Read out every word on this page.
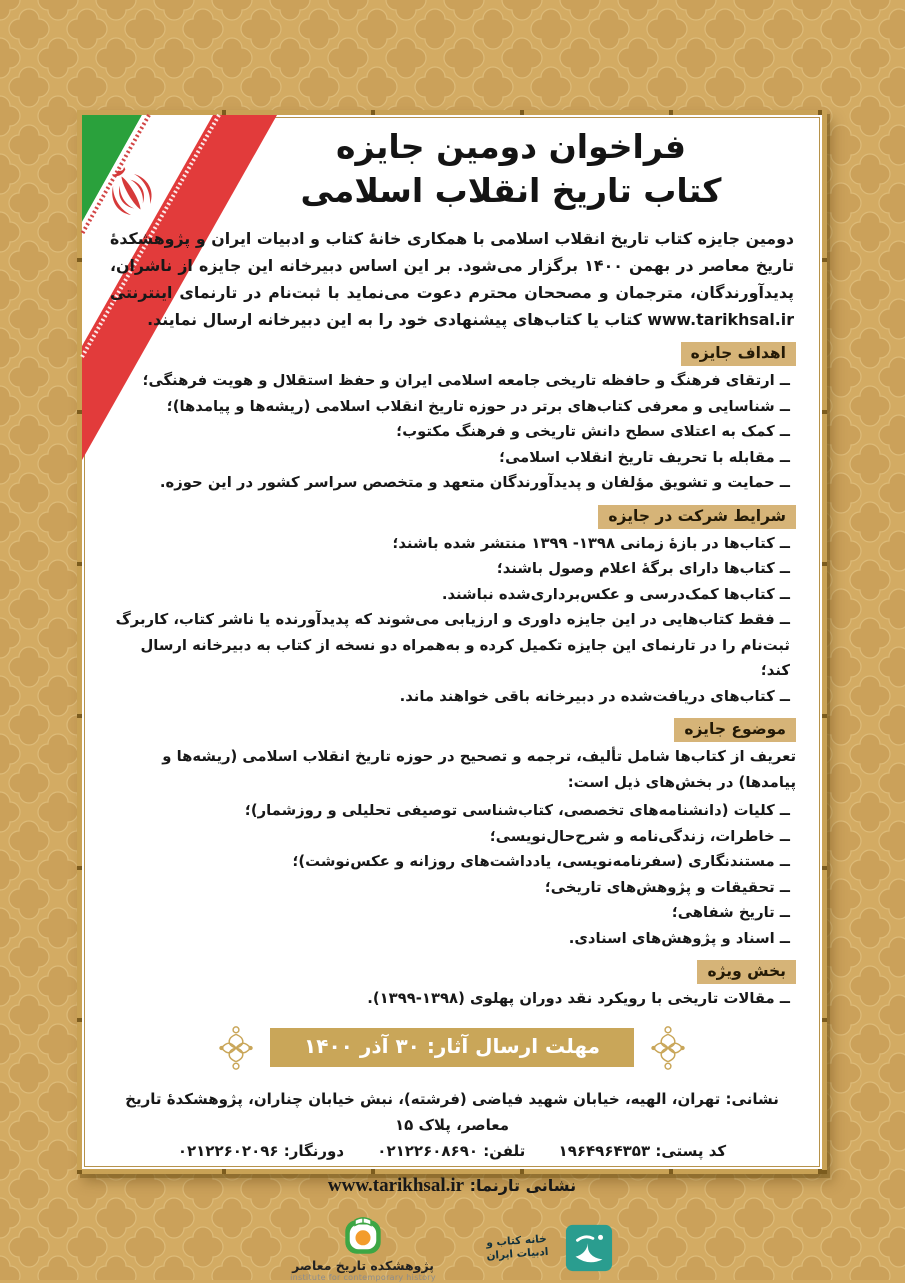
فراخوان دومین جایزه
کتاب تاریخ انقلاب اسلامی

دومین جایزه کتاب تاریخ انقلاب اسلامی با همکاری خانهٔ کتاب و ادبیات ایران و پژوهشکدهٔ تاریخ معاصر در بهمن ۱۴۰۰ برگزار می‌شود. بر این اساس دبیرخانه این جایزه از ناشران، پدیدآورندگان، مترجمان و مصححان محترم دعوت می‌نماید با ثبت‌نام در تارنمای اینترنتی www.tarikhsal.ir کتاب یا کتاب‌های پیشنهادی خود را به این دبیرخانه ارسال نمایند.

اهداف جایزه
ــ ارتقای فرهنگ و حافظه تاریخی جامعه اسلامی ایران و حفظ استقلال و هویت فرهنگی؛
ــ شناسایی و معرفی کتاب‌های برتر در حوزه تاریخ انقلاب اسلامی (ریشه‌ها و پیامدها)؛
ــ کمک به اعتلای سطح دانش تاریخی و فرهنگ مکتوب؛
ــ مقابله با تحریف تاریخ انقلاب اسلامی؛
ــ حمایت و تشویق مؤلفان و پدیدآورندگان متعهد و متخصص سراسر کشور در این حوزه.
شرایط شرکت در جایزه
ــ کتاب‌ها در بازهٔ زمانی ۱۳۹۸- ۱۳۹۹ منتشر شده باشند؛
ــ کتاب‌ها دارای برگهٔ اعلام وصول باشند؛
ــ کتاب‌ها کمک‌درسی و عکس‌برداری‌شده نباشند.
ــ فقط کتاب‌هایی در این جایزه داوری و ارزیابی می‌شوند که پدیدآورنده یا ناشر کتاب، کاربرگ ثبت‌نام را در تارنمای این جایزه تکمیل کرده و به‌همراه دو نسخه از کتاب به دبیرخانه ارسال کند؛
ــ کتاب‌های دریافت‌شده در دبیرخانه باقی خواهند ماند.
موضوع جایزه

تعریف از کتاب‌ها شامل تألیف، ترجمه و تصحیح در حوزه تاریخ انقلاب اسلامی (ریشه‌ها و پیامدها) در بخش‌های ذیل است:

ــ کلیات (دانشنامه‌های تخصصی، کتاب‌شناسی توصیفی تحلیلی و روزشمار)؛
ــ خاطرات، زندگی‌نامه و شرح‌حال‌نویسی؛
ــ مستندنگاری (سفرنامه‌نویسی، یادداشت‌های روزانه و عکس‌نوشت)؛
ــ تحقیقات و پژوهش‌های تاریخی؛
ــ تاریخ شفاهی؛
ــ اسناد و پژوهش‌های اسنادی.
بخش ویژه
ــ مقالات تاریخی با رویکرد نقد دوران پهلوی (۱۳۹۸-۱۳۹۹).
مهلت ارسال آثار: ۳۰ آذر ۱۴۰۰

نشانی: تهران، الهیه، خیابان شهید فیاضی (فرشته)، نبش خیابان چناران، پژوهشکدهٔ تاریخ معاصر، پلاک ۱۵

کد پستی: ۱۹۶۴۹۶۴۳۵۳ تلفن: ۰۲۱۲۲۶۰۸۶۹۰ دورنگار: ۰۲۱۲۲۶۰۲۰۹۶

نشانی تارنما: www.tarikhsal.ir

خانه کتاب و ادبیات ایران
پژوهشکده تاریخ معاصر
institute for contemporary history
